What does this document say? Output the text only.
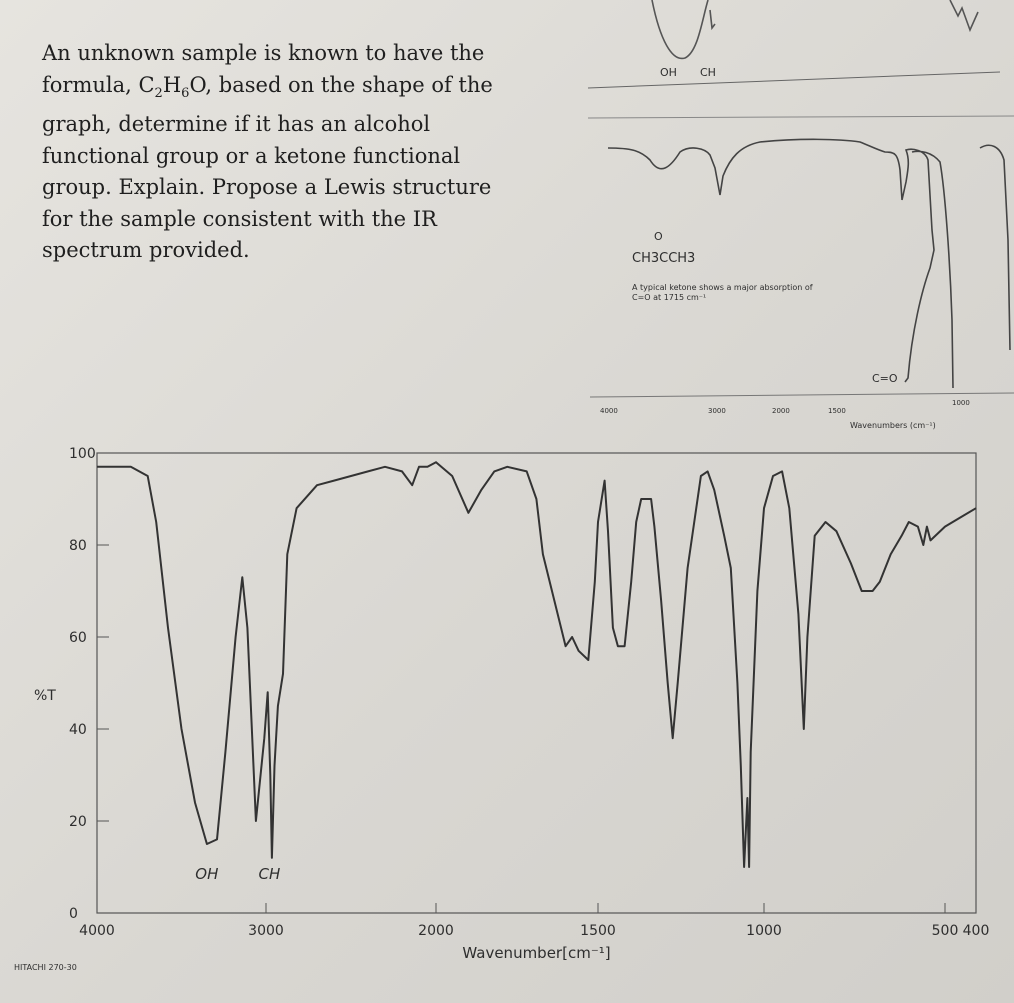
An unknown sample is known to have the
formula, $C_2H_6O$, based on the shape of the
graph, determine if it has an alcohol
functional group or a ketone functional
group. Explain. Propose a Lewis structure
for the sample consistent with the IR
spectrum provided.
OH CH
CH3CCH3
O
A typical ketone shows a major absorption of
C=O at 1715 cm⁻¹
C=O
4000	3000	2000	1500
1000
Wavenumbers (cm⁻¹)
0
20
40
60
80
100
4000	3000	2000	1500	1000	500 400
%T
Wavenumber[cm⁻¹]
OH	CH
HITACHI 270-30
